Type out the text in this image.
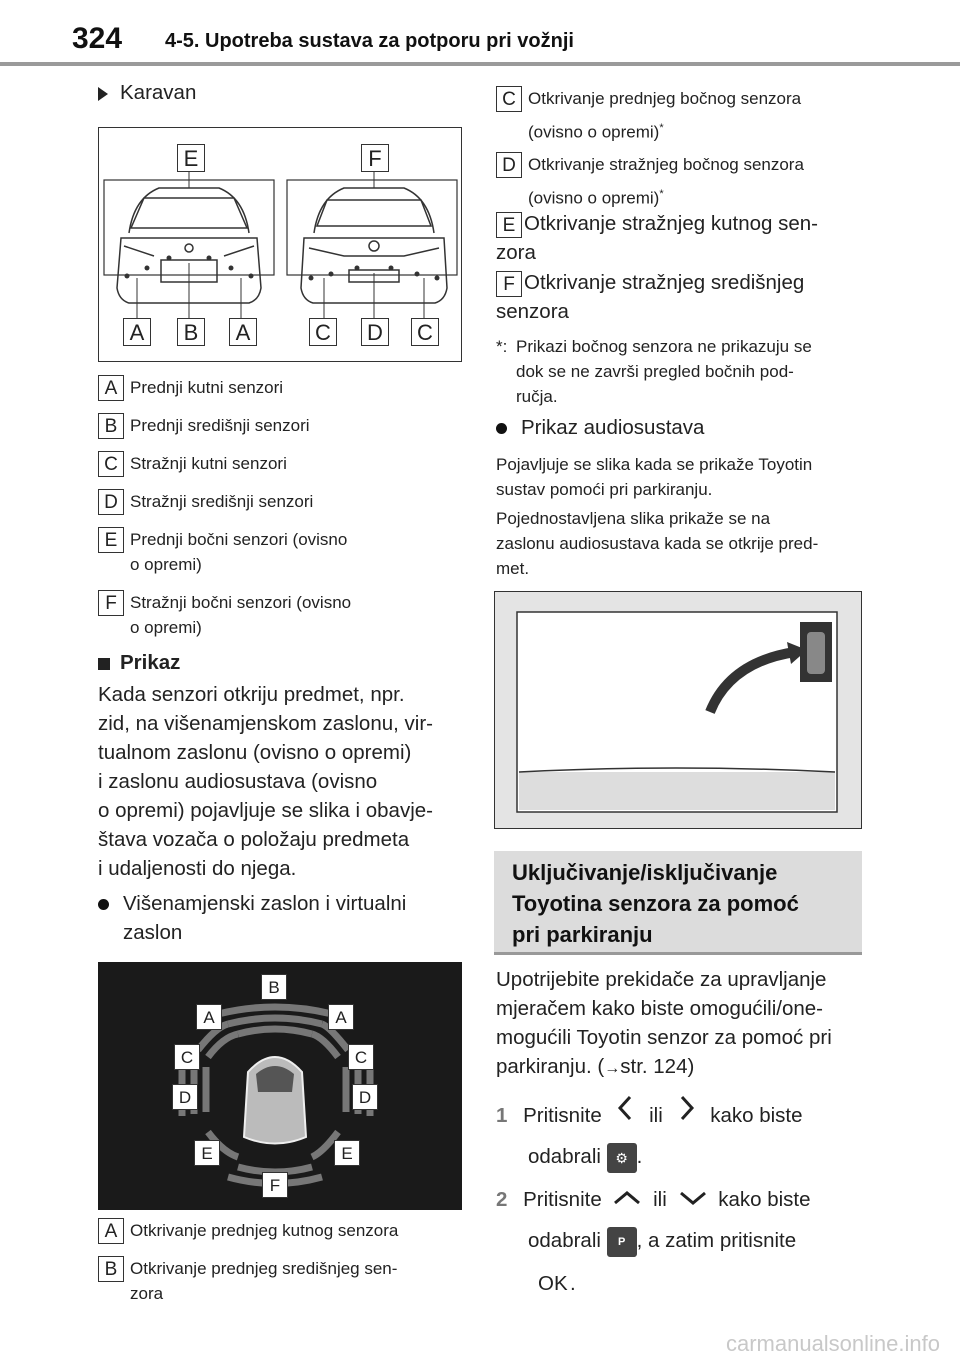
324 4-5. Upotreba sustava za potporu pri vožnji
Karavan
E	F
A	B	A	C D C
A Prednji kutni senzori
B Prednji središnji senzori
C Stražnji kutni senzori
D Stražnji središnji senzori
E Prednji bočni senzori (ovisno
o opremi)
F Stražnji bočni senzori (ovisno
o opremi)
Prikaz
Kada senzori otkriju predmet, npr.
zid, na višenamjenskom zaslonu, vir-
tualnom zaslonu (ovisno o opremi)
i zaslonu audiosustava (ovisno
o opremi) pojavljuje se slika i obavje-
štava vozača o položaju predmeta
i udaljenosti do njega.
Višenamjenski zaslon i virtualni
zaslon
B
A	A
C	C
D	D
E	E
F
A Otkrivanje prednjeg kutnog senzora
B Otkrivanje prednjeg središnjeg sen-
zora
C Otkrivanje prednjeg bočnog senzora
(ovisno o opremi)*
D Otkrivanje stražnjeg bočnog senzora
(ovisno o opremi)*
E Otkrivanje stražnjeg kutnog sen-
zora
F Otkrivanje stražnjeg središnjeg
senzora
*: Prikazi bočnog senzora ne prikazuju se
dok se ne završi pregled bočnih pod-
ručja.
Prikaz audiosustava
Pojavljuje se slika kada se prikaže Toyotin
sustav pomoći pri parkiranju.
Pojednostavljena slika prikaže se na
zaslonu audiosustava kada se otkrije pred-
met.
Uključivanje/isključivanje
Toyotina senzora za pomoć
pri parkiranju
Upotrijebite prekidače za upravljanje
mjeračem kako biste omogućili/one-
mogućili Toyotin senzor za pomoć pri
parkiranju. (→str. 124)
1 Pritisnite ili kako biste
odabrali ⚙ .
2 Pritisnite	ili	kako biste
odabrali P , a zatim pritisnite
OK .
carmanualsonline.info
